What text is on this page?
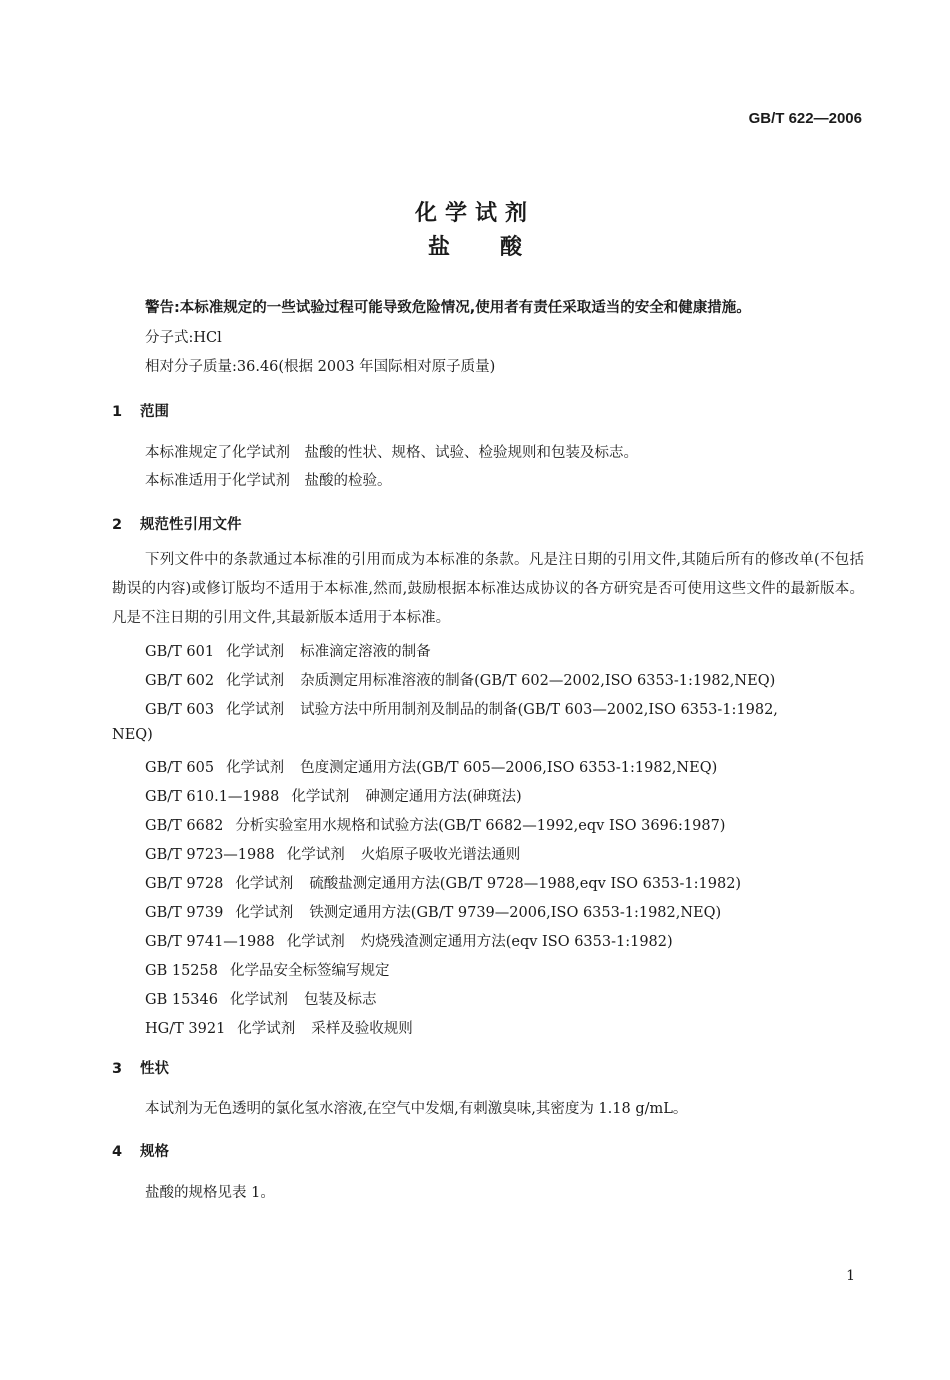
GB/T 622—2006
化学试剂
盐酸
警告:本标准规定的一些试验过程可能导致危险情况,使用者有责任采取适当的安全和健康措施。
分子式:HCl
相对分子质量:36.46(根据 2003 年国际相对原子质量)
1 范围
本标准规定了化学试剂　盐酸的性状、规格、试验、检验规则和包装及标志。
本标准适用于化学试剂　盐酸的检验。
2 规范性引用文件
下列文件中的条款通过本标准的引用而成为本标准的条款。凡是注日期的引用文件,其随后所有的修改单(不包括勘误的内容)或修订版均不适用于本标准,然而,鼓励根据本标准达成协议的各方研究是否可使用这些文件的最新版本。凡是不注日期的引用文件,其最新版本适用于本标准。
GB/T 601 化学试剂 标准滴定溶液的制备
GB/T 602 化学试剂 杂质测定用标准溶液的制备(GB/T 602—2002,ISO 6353-1:1982,NEQ)
GB/T 603 化学试剂 试验方法中所用制剂及制品的制备(GB/T 603—2002,ISO 6353-1:1982,
NEQ)
GB/T 605 化学试剂 色度测定通用方法(GB/T 605—2006,ISO 6353-1:1982,NEQ)
GB/T 610.1—1988 化学试剂 砷测定通用方法(砷斑法)
GB/T 6682 分析实验室用水规格和试验方法(GB/T 6682—1992,eqv ISO 3696:1987)
GB/T 9723—1988 化学试剂 火焰原子吸收光谱法通则
GB/T 9728 化学试剂 硫酸盐测定通用方法(GB/T 9728—1988,eqv ISO 6353-1:1982)
GB/T 9739 化学试剂 铁测定通用方法(GB/T 9739—2006,ISO 6353-1:1982,NEQ)
GB/T 9741—1988 化学试剂 灼烧残渣测定通用方法(eqv ISO 6353-1:1982)
GB 15258 化学品安全标签编写规定
GB 15346 化学试剂 包装及标志
HG/T 3921 化学试剂 采样及验收规则
3 性状
本试剂为无色透明的氯化氢水溶液,在空气中发烟,有刺激臭味,其密度为 1.18 g/mL。
4 规格
盐酸的规格见表 1。
1
